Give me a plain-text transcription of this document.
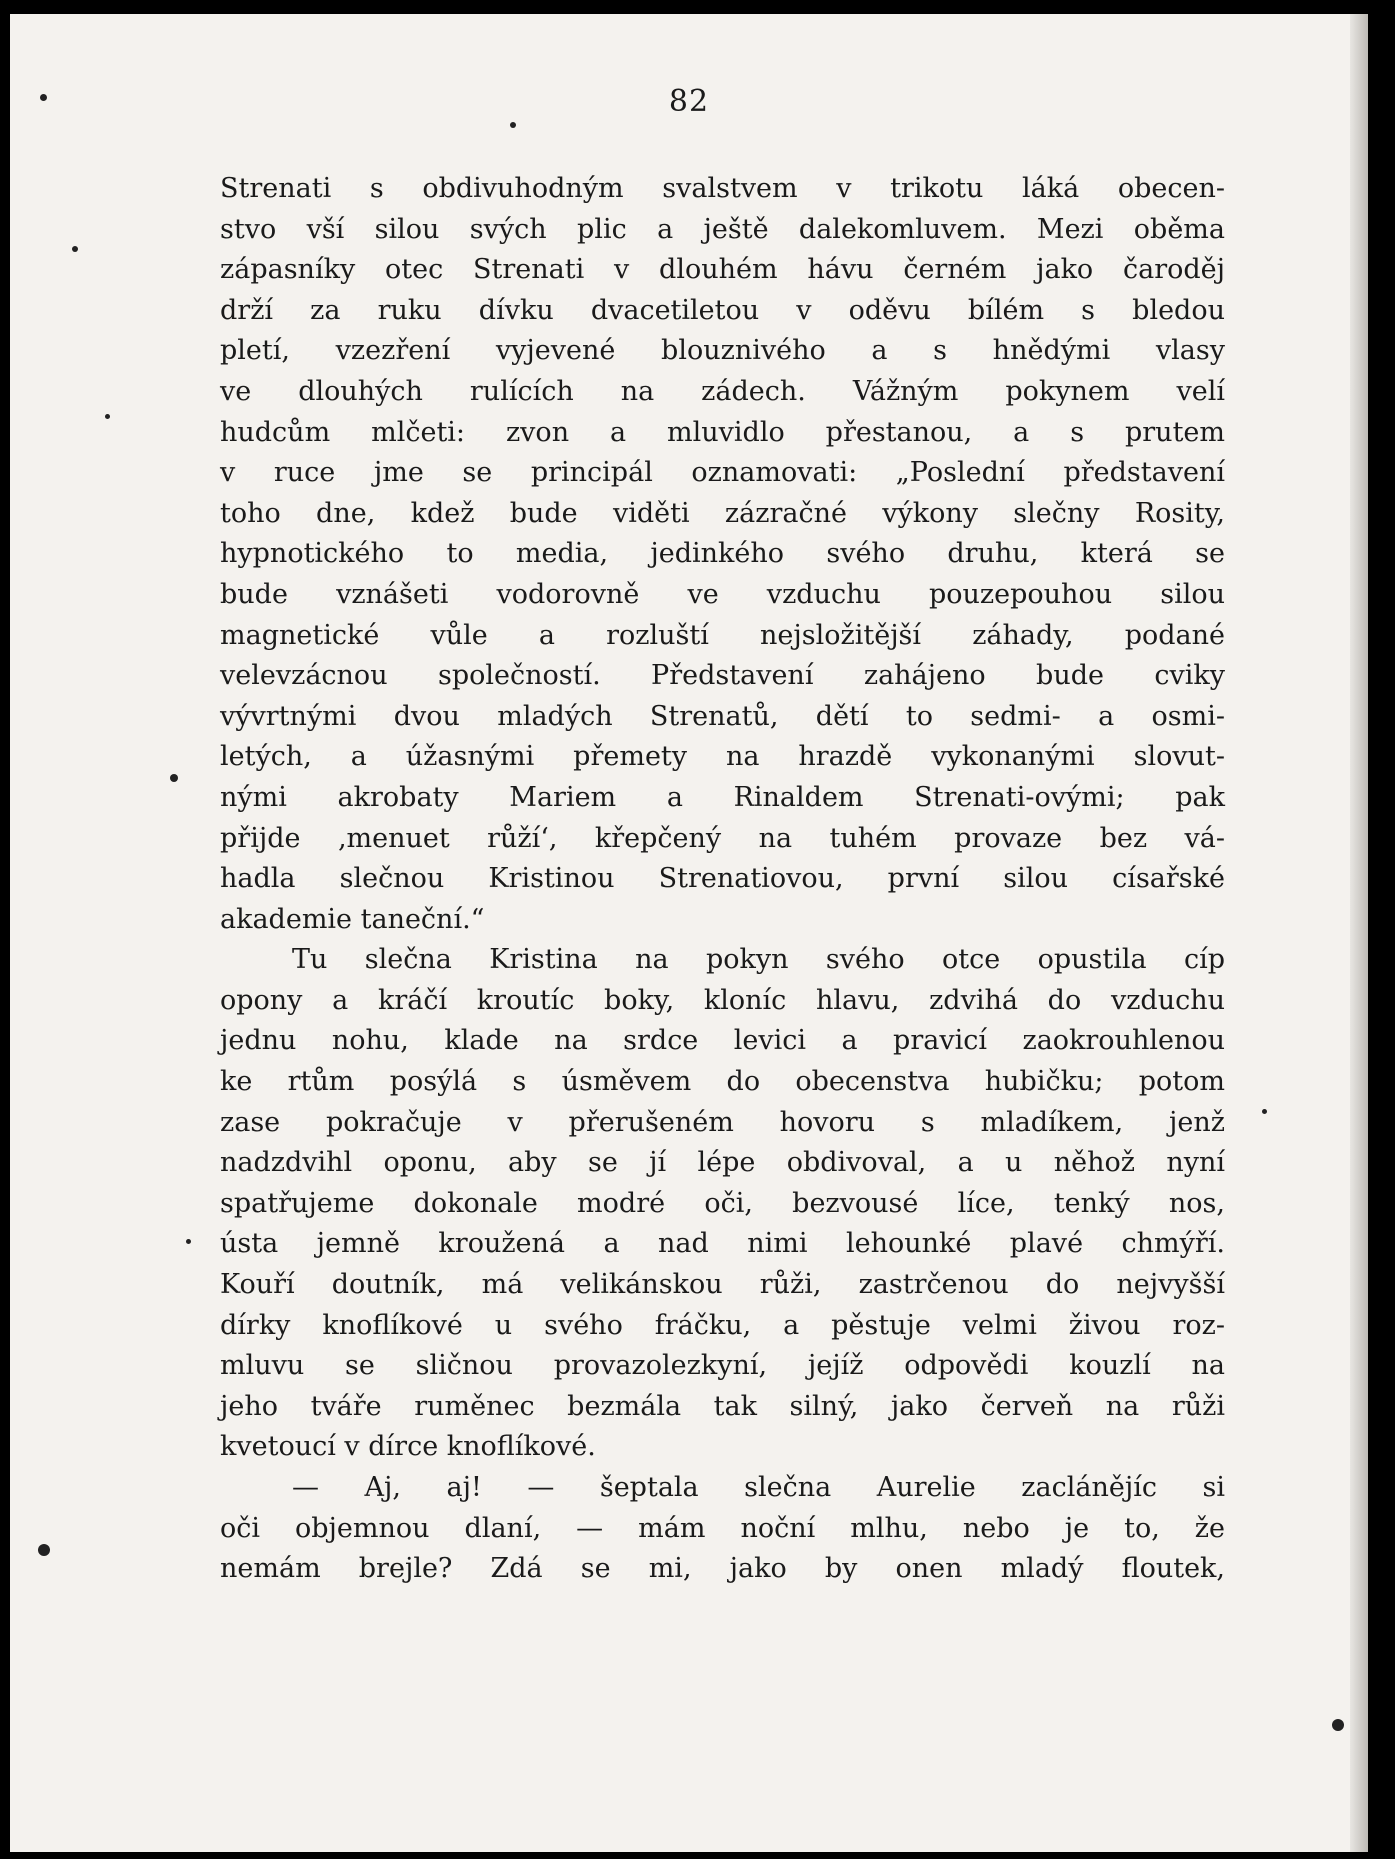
82
Strenati s obdivuhodným svalstvem v trikotu láká obecen-
stvo vší silou svých plic a ještě dalekomluvem. Mezi oběma
zápasníky otec Strenati v dlouhém hávu černém jako čaroděj
drží za ruku dívku dvacetiletou v oděvu bílém s bledou
pletí, vzezření vyjevené blouznivého a s hnědými vlasy
ve dlouhých rulících na zádech. Vážným pokynem velí
hudcům mlčeti: zvon a mluvidlo přestanou, a s prutem
v ruce jme se principál oznamovati: „Poslední představení
toho dne, kdež bude viděti zázračné výkony slečny Rosity,
hypnotického to media, jedinkého svého druhu, která se
bude vznášeti vodorovně ve vzduchu pouzepouhou silou
magnetické vůle a rozluští nejsložitější záhady, podané
velevzácnou společností. Představení zahájeno bude cviky
vývrtnými dvou mladých Strenatů, dětí to sedmi- a osmi-
letých, a úžasnými přemety na hrazdě vykonanými slovut-
nými akrobaty Mariem a Rinaldem Strenati-ovými; pak
přijde ‚menuet růží‘, křepčený na tuhém provaze bez vá-
hadla slečnou Kristinou Strenatiovou, první silou císařské
akademie taneční.“
Tu slečna Kristina na pokyn svého otce opustila cíp
opony a kráčí kroutíc boky, kloníc hlavu, zdvihá do vzduchu
jednu nohu, klade na srdce levici a pravicí zaokrouhlenou
ke rtům posýlá s úsměvem do obecenstva hubičku; potom
zase pokračuje v přerušeném hovoru s mladíkem, jenž
nadzdvihl oponu, aby se jí lépe obdivoval, a u něhož nyní
spatřujeme dokonale modré oči, bezvousé líce, tenký nos,
ústa jemně kroužená a nad nimi lehounké plavé chmýří.
Kouří doutník, má velikánskou růži, zastrčenou do nejvyšší
dírky knoflíkové u svého fráčku, a pěstuje velmi živou roz-
mluvu se sličnou provazolezkyní, jejíž odpovědi kouzlí na
jeho tváře ruměnec bezmála tak silný, jako červeň na růži
kvetoucí v dírce knoflíkové.
— Aj, aj! — šeptala slečna Aurelie zaclánějíc si
oči objemnou dlaní, — mám noční mlhu, nebo je to, že
nemám brejle? Zdá se mi, jako by onen mladý floutek,
